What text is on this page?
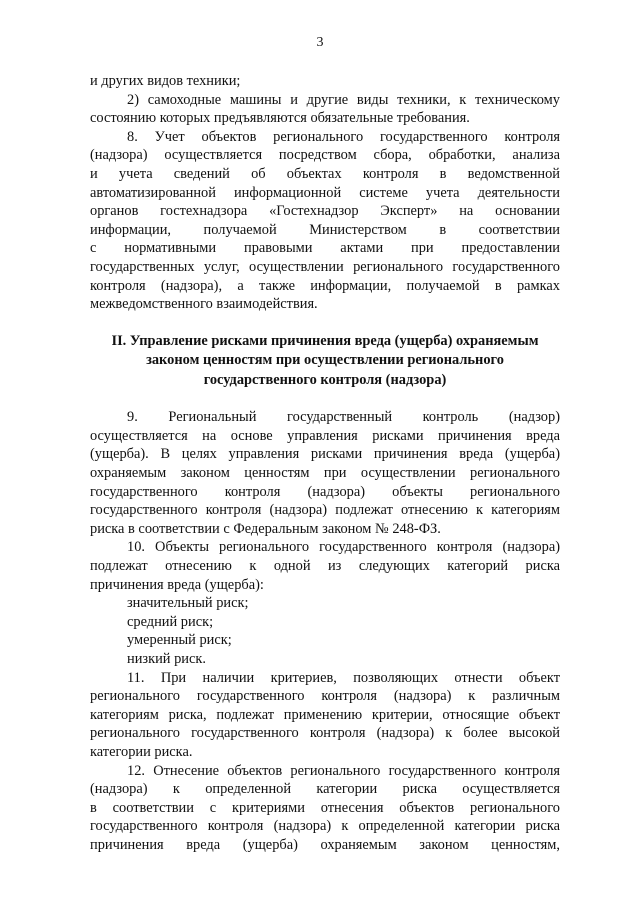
3
и других видов техники;
2) самоходные машины и другие виды техники, к техническому
состоянию которых предъявляются обязательные требования.
8. Учет объектов регионального государственного контроля
(надзора) осуществляется посредством сбора, обработки, анализа
и учета сведений об объектах контроля в ведомственной
автоматизированной информационной системе учета деятельности
органов гостехнадзора «Гостехнадзор Эксперт» на основании
информации, получаемой Министерством в соответствии
с нормативными правовыми актами при предоставлении
государственных услуг, осуществлении регионального государственного
контроля (надзора), а также информации, получаемой в рамках
межведомственного взаимодействия.
II. Управление рисками причинения вреда (ущерба) охраняемым
законом ценностям при осуществлении регионального
государственного контроля (надзора)
9. Региональный государственный контроль (надзор)
осуществляется на основе управления рисками причинения вреда
(ущерба). В целях управления рисками причинения вреда (ущерба)
охраняемым законом ценностям при осуществлении регионального
государственного контроля (надзора) объекты регионального
государственного контроля (надзора) подлежат отнесению к категориям
риска в соответствии с Федеральным законом № 248-ФЗ.
10. Объекты регионального государственного контроля (надзора)
подлежат отнесению к одной из следующих категорий риска
причинения вреда (ущерба):
значительный риск;
средний риск;
умеренный риск;
низкий риск.
11. При наличии критериев, позволяющих отнести объект
регионального государственного контроля (надзора) к различным
категориям риска, подлежат применению критерии, относящие объект
регионального государственного контроля (надзора) к более высокой
категории риска.
12. Отнесение объектов регионального государственного контроля
(надзора) к определенной категории риска осуществляется
в соответствии с критериями отнесения объектов регионального
государственного контроля (надзора) к определенной категории риска
причинения вреда (ущерба) охраняемым законом ценностям,
